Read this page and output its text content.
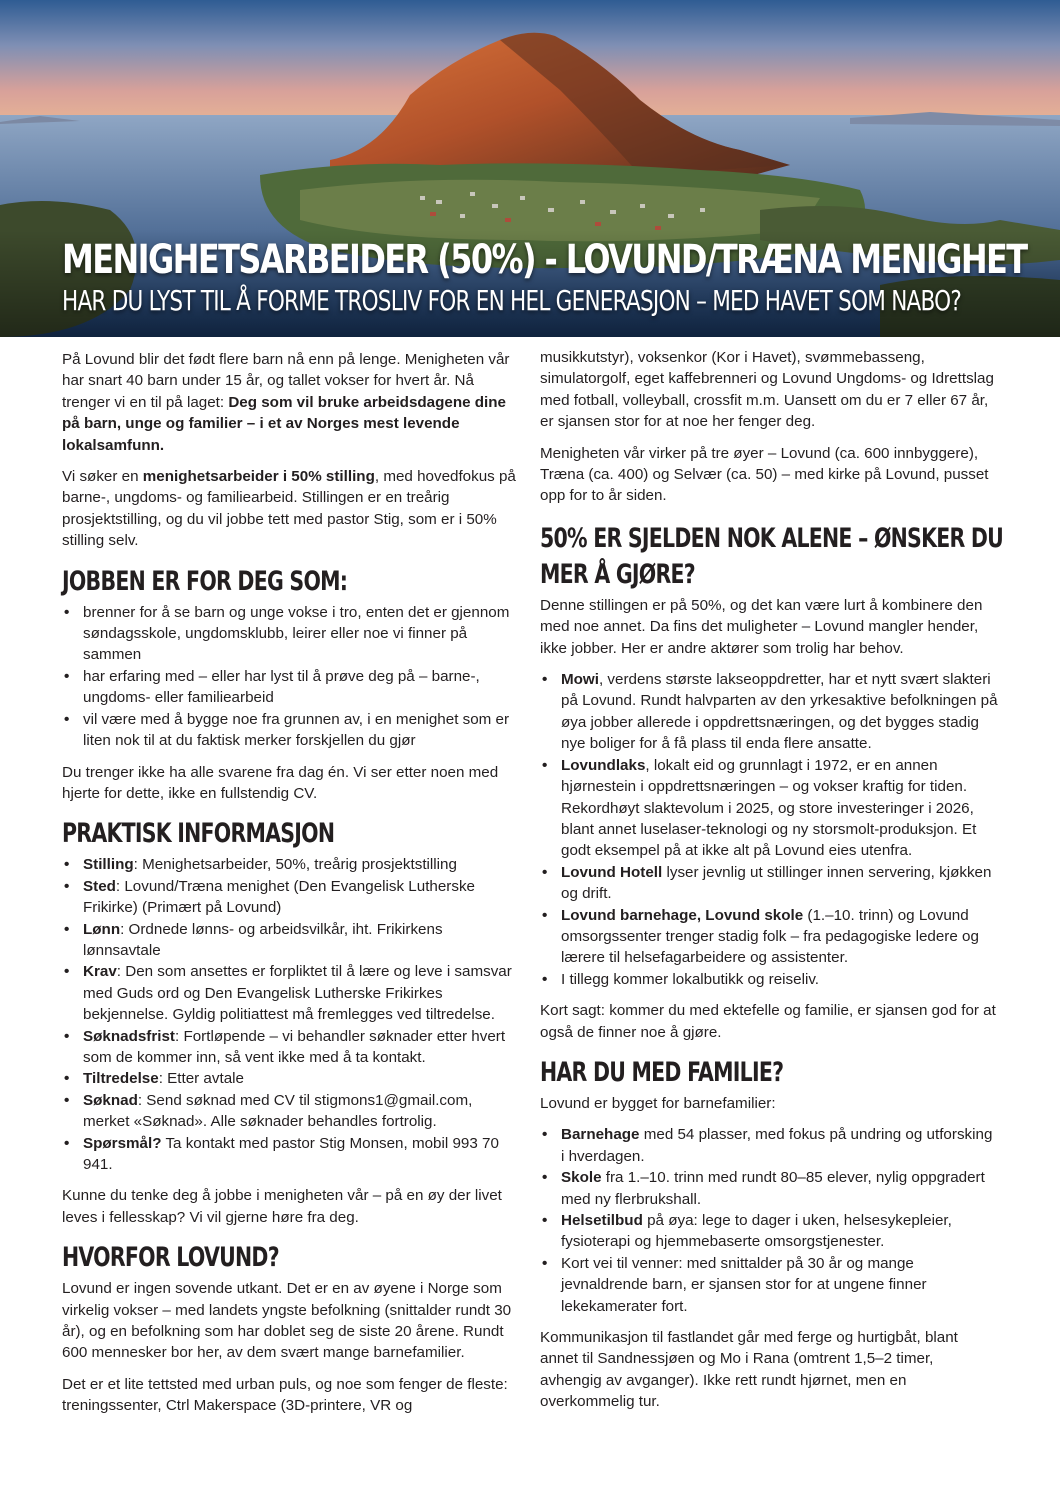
MENIGHETSARBEIDER (50%) - LOVUND/TRÆNA MENIGHET
HAR DU LYST TIL Å FORME TROSLIV FOR EN HEL GENERASJON – MED HAVET SOM NABO?

På Lovund blir det født flere barn nå enn på lenge. Menigheten vår har snart 40 barn under 15 år, og tallet vokser for hvert år. Nå trenger vi en til på laget: Deg som vil bruke arbeidsdagene dine på barn, unge og familier – i et av Norges mest levende lokalsamfunn.

Vi søker en menighetsarbeider i 50% stilling, med hovedfokus på barne-, ungdoms- og familiearbeid. Stillingen er en treårig prosjektstilling, og du vil jobbe tett med pastor Stig, som er i 50% stilling selv.

JOBBEN ER FOR DEG SOM:
• brenner for å se barn og unge vokse i tro, enten det er gjennom søndagsskole, ungdomsklubb, leirer eller noe vi finner på sammen
• har erfaring med – eller har lyst til å prøve deg på – barne-, ungdoms- eller familiearbeid
• vil være med å bygge noe fra grunnen av, i en menighet som er liten nok til at du faktisk merker forskjellen du gjør

Du trenger ikke ha alle svarene fra dag én. Vi ser etter noen med hjerte for dette, ikke en fullstendig CV.

PRAKTISK INFORMASJON
• Stilling: Menighetsarbeider, 50%, treårig prosjektstilling
• Sted: Lovund/Træna menighet (Den Evangelisk Lutherske Frikirke) (Primært på Lovund)
• Lønn: Ordnede lønns- og arbeidsvilkår, iht. Frikirkens lønnsavtale
• Krav: Den som ansettes er forpliktet til å lære og leve i samsvar med Guds ord og Den Evangelisk Lutherske Frikirkes bekjennelse. Gyldig politiattest må fremlegges ved tiltredelse.
• Søknadsfrist: Fortløpende – vi behandler søknader etter hvert som de kommer inn, så vent ikke med å ta kontakt.
• Tiltredelse: Etter avtale
• Søknad: Send søknad med CV til stigmons1@gmail.com, merket «Søknad». Alle søknader behandles fortrolig.
• Spørsmål? Ta kontakt med pastor Stig Monsen, mobil 993 70 941.

Kunne du tenke deg å jobbe i menigheten vår – på en øy der livet leves i fellesskap? Vi vil gjerne høre fra deg.

HVORFOR LOVUND?

Lovund er ingen sovende utkant. Det er en av øyene i Norge som virkelig vokser – med landets yngste befolkning (snittalder rundt 30 år), og en befolkning som har doblet seg de siste 20 årene. Rundt 600 mennesker bor her, av dem svært mange barnefamilier.

Det er et lite tettsted med urban puls, og noe som fenger de fleste: treningssenter, Ctrl Makerspace (3D-printere, VR og

musikkutstyr), voksenkor (Kor i Havet), svømmebasseng, simulatorgolf, eget kaffebrenneri og Lovund Ungdoms- og Idrettslag med fotball, volleyball, crossfit m.m. Uansett om du er 7 eller 67 år, er sjansen stor for at noe her fenger deg.

Menigheten vår virker på tre øyer – Lovund (ca. 600 innbyggere), Træna (ca. 400) og Selvær (ca. 50) – med kirke på Lovund, pusset opp for to år siden.

50% ER SJELDEN NOK ALENE – ØNSKER DU MER Å GJØRE?

Denne stillingen er på 50%, og det kan være lurt å kombinere den med noe annet. Da fins det muligheter – Lovund mangler hender, ikke jobber. Her er andre aktører som trolig har behov.

• Mowi, verdens største lakseoppdretter, har et nytt svært slakteri på Lovund. Rundt halvparten av den yrkesaktive befolkningen på øya jobber allerede i oppdrettsnæringen, og det bygges stadig nye boliger for å få plass til enda flere ansatte.
• Lovundlaks, lokalt eid og grunnlagt i 1972, er en annen hjørnestein i oppdrettsnæringen – og vokser kraftig for tiden. Rekordhøyt slaktevolum i 2025, og store investeringer i 2026, blant annet luselaser-teknologi og ny storsmolt-produksjon. Et godt eksempel på at ikke alt på Lovund eies utenfra.
• Lovund Hotell lyser jevnlig ut stillinger innen servering, kjøkken og drift.
• Lovund barnehage, Lovund skole (1.–10. trinn) og Lovund omsorgssenter trenger stadig folk – fra pedagogiske ledere og lærere til helsefagarbeidere og assistenter.
• I tillegg kommer lokalbutikk og reiseliv.

Kort sagt: kommer du med ektefelle og familie, er sjansen god for at også de finner noe å gjøre.

HAR DU MED FAMILIE?

Lovund er bygget for barnefamilier:

• Barnehage med 54 plasser, med fokus på undring og utforsking i hverdagen.
• Skole fra 1.–10. trinn med rundt 80–85 elever, nylig oppgradert med ny flerbrukshall.
• Helsetilbud på øya: lege to dager i uken, helsesykepleier, fysioterapi og hjemmebaserte omsorgstjenester.
• Kort vei til venner: med snittalder på 30 år og mange jevnaldrende barn, er sjansen stor for at ungene finner lekekamerater fort.

Kommunikasjon til fastlandet går med ferge og hurtigbåt, blant annet til Sandnessjøen og Mo i Rana (omtrent 1,5–2 timer, avhengig av avganger). Ikke rett rundt hjørnet, men en overkommelig tur.
